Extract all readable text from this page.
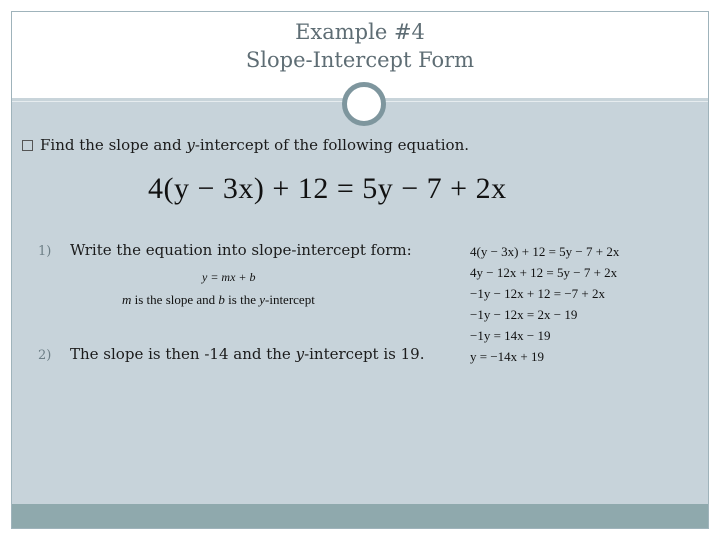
Example #4
Slope-Intercept Form
Find the slope and y-intercept of the following equation.
4(y − 3x) + 12 = 5y − 7 + 2x
1) Write the equation into slope-intercept form:
y = mx + b
m is the slope and b is the y-intercept
2) The slope is then -14 and the y-intercept is 19.
4(y − 3x) + 12 = 5y − 7 + 2x
4y − 12x + 12 = 5y − 7 + 2x
−1y − 12x + 12 = −7 + 2x
−1y − 12x = 2x − 19
−1y = 14x − 19
y = −14x + 19
